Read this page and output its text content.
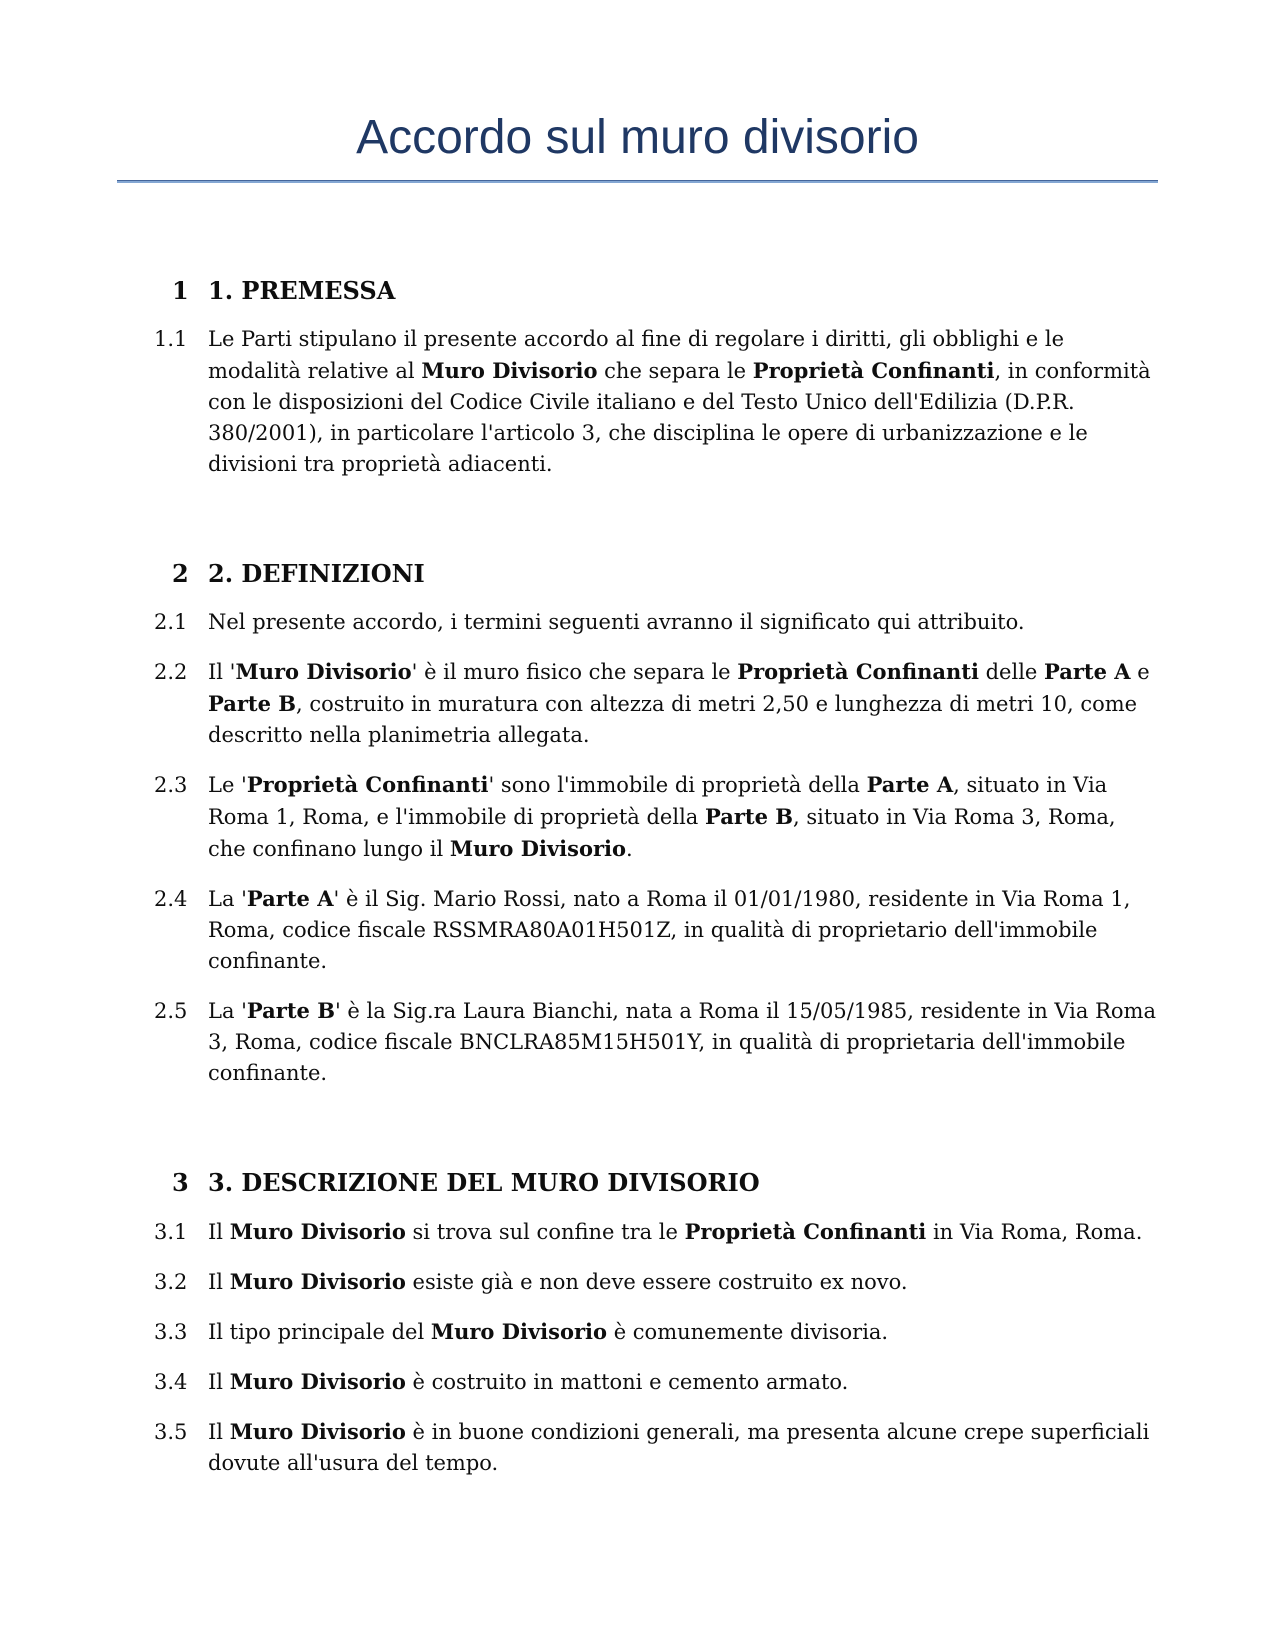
Accordo sul muro divisorio
1 1. PREMESSA
1.1 Le Parti stipulano il presente accordo al fine di regolare i diritti, gli obblighi e le modalità relative al Muro Divisorio che separa le Proprietà Confinanti, in conformità con le disposizioni del Codice Civile italiano e del Testo Unico dell'Edilizia (D.P.R. 380/2001), in particolare l'articolo 3, che disciplina le opere di urbanizzazione e le divisioni tra proprietà adiacenti.

2 2. DEFINIZIONI
2.1 Nel presente accordo, i termini seguenti avranno il significato qui attribuito.

2.2 Il 'Muro Divisorio' è il muro fisico che separa le Proprietà Confinanti delle Parte A e Parte B, costruito in muratura con altezza di metri 2,50 e lunghezza di metri 10, come descritto nella planimetria allegata.

2.3 Le 'Proprietà Confinanti' sono l'immobile di proprietà della Parte A, situato in Via Roma 1, Roma, e l'immobile di proprietà della Parte B, situato in Via Roma 3, Roma, che confinano lungo il Muro Divisorio.

2.4 La 'Parte A' è il Sig. Mario Rossi, nato a Roma il 01/01/1980, residente in Via Roma 1, Roma, codice fiscale RSSMRA80A01H501Z, in qualità di proprietario dell'immobile confinante.

2.5 La 'Parte B' è la Sig.ra Laura Bianchi, nata a Roma il 15/05/1985, residente in Via Roma 3, Roma, codice fiscale BNCLRA85M15H501Y, in qualità di proprietaria dell'immobile confinante.

3 3. DESCRIZIONE DEL MURO DIVISORIO
3.1 Il Muro Divisorio si trova sul confine tra le Proprietà Confinanti in Via Roma, Roma.

3.2 Il Muro Divisorio esiste già e non deve essere costruito ex novo.

3.3 Il tipo principale del Muro Divisorio è comunemente divisoria.

3.4 Il Muro Divisorio è costruito in mattoni e cemento armato.

3.5 Il Muro Divisorio è in buone condizioni generali, ma presenta alcune crepe superficiali dovute all'usura del tempo.
